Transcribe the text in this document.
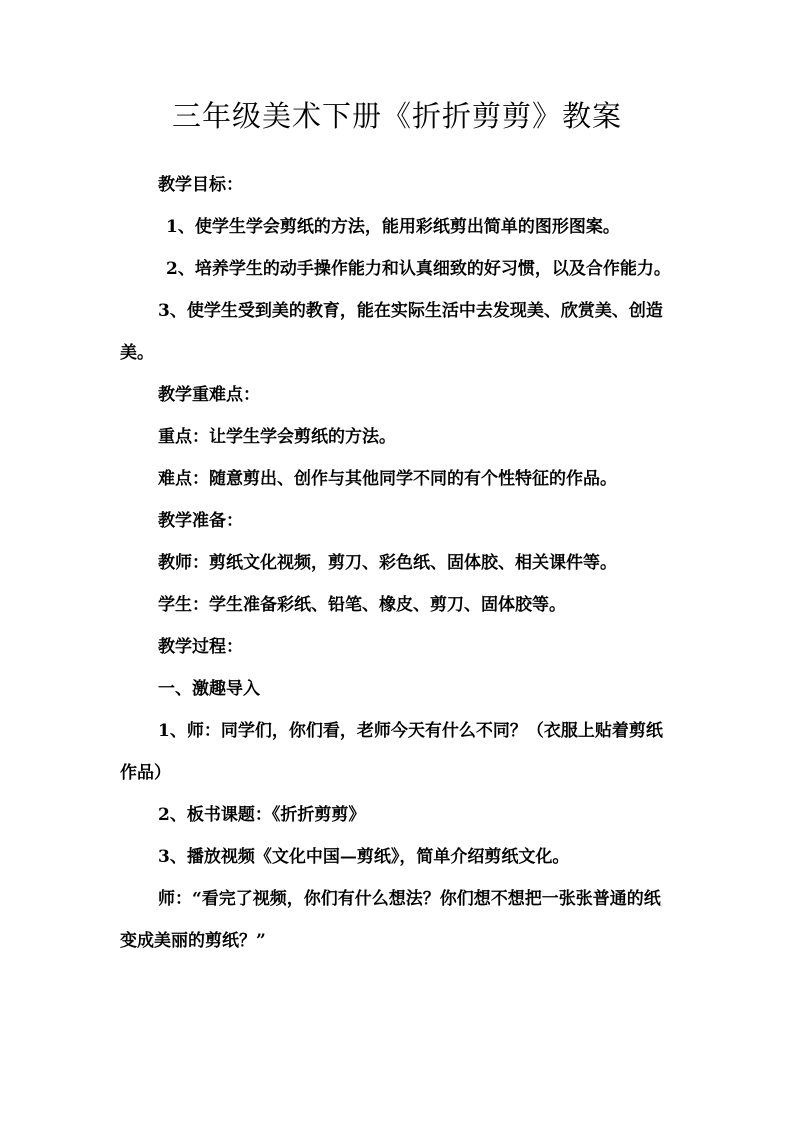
三年级美术下册《折折剪剪》教案

教学目标：

1、使学生学会剪纸的方法，能用彩纸剪出简单的图形图案。

2、培养学生的动手操作能力和认真细致的好习惯，以及合作能力。

3、使学生受到美的教育，能在实际生活中去发现美、欣赏美、创造美。

教学重难点：

重点：让学生学会剪纸的方法。

难点：随意剪出、创作与其他同学不同的有个性特征的作品。

教学准备：

教师：剪纸文化视频，剪刀、彩色纸、固体胶、相关课件等。

学生：学生准备彩纸、铅笔、橡皮、剪刀、固体胶等。

教学过程：

一、激趣导入

1、师：同学们，你们看，老师今天有什么不同？（衣服上贴着剪纸作品）

2、板书课题：《折折剪剪》

3、播放视频《文化中国—剪纸》，简单介绍剪纸文化。

师：“看完了视频，你们有什么想法？你们想不想把一张张普通的纸变成美丽的剪纸？”
